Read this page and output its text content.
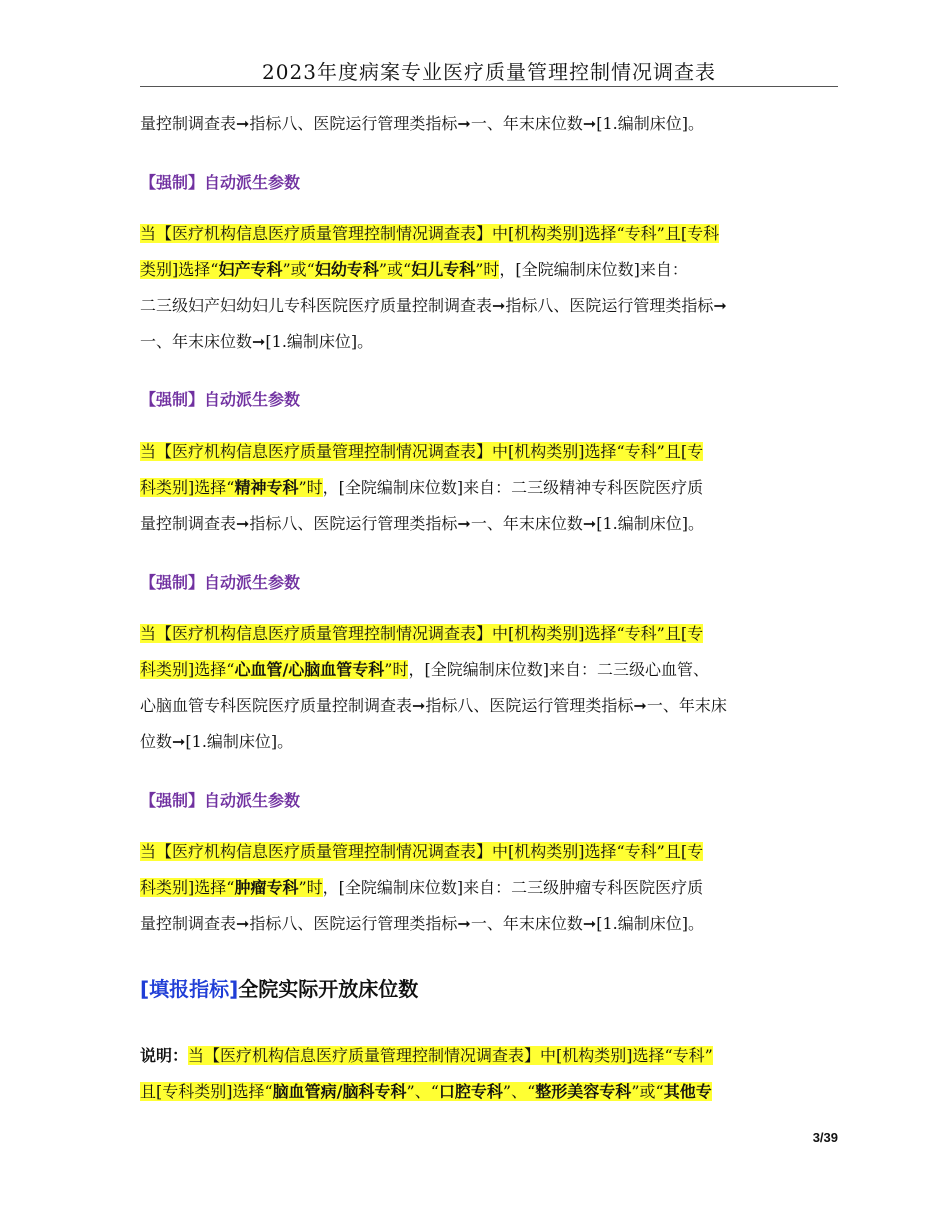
2023年度病案专业医疗质量管理控制情况调查表
量控制调查表➞指标八、医院运行管理类指标➞一、年末床位数➞[1.编制床位]。
【强制】自动派生参数
当【医疗机构信息医疗质量管理控制情况调查表】中[机构类别]选择“专科”且[专科
类别]选择“妇产专科”或“妇幼专科”或“妇儿专科”时，[全院编制床位数]来自：
二三级妇产妇幼妇儿专科医院医疗质量控制调查表➞指标八、医院运行管理类指标➞
一、年末床位数➞[1.编制床位]。
【强制】自动派生参数
当【医疗机构信息医疗质量管理控制情况调查表】中[机构类别]选择“专科”且[专
科类别]选择“精神专科”时，[全院编制床位数]来自：二三级精神专科医院医疗质
量控制调查表➞指标八、医院运行管理类指标➞一、年末床位数➞[1.编制床位]。
【强制】自动派生参数
当【医疗机构信息医疗质量管理控制情况调查表】中[机构类别]选择“专科”且[专
科类别]选择“心血管/心脑血管专科”时，[全院编制床位数]来自：二三级心血管、
心脑血管专科医院医疗质量控制调查表➞指标八、医院运行管理类指标➞一、年末床
位数➞[1.编制床位]。
【强制】自动派生参数
当【医疗机构信息医疗质量管理控制情况调查表】中[机构类别]选择“专科”且[专
科类别]选择“肿瘤专科”时，[全院编制床位数]来自：二三级肿瘤专科医院医疗质
量控制调查表➞指标八、医院运行管理类指标➞一、年末床位数➞[1.编制床位]。
[填报指标]全院实际开放床位数
说明：当【医疗机构信息医疗质量管理控制情况调查表】中[机构类别]选择“专科”
且[专科类别]选择“脑血管病/脑科专科”、“口腔专科”、“整形美容专科”或“其他专
3/39
